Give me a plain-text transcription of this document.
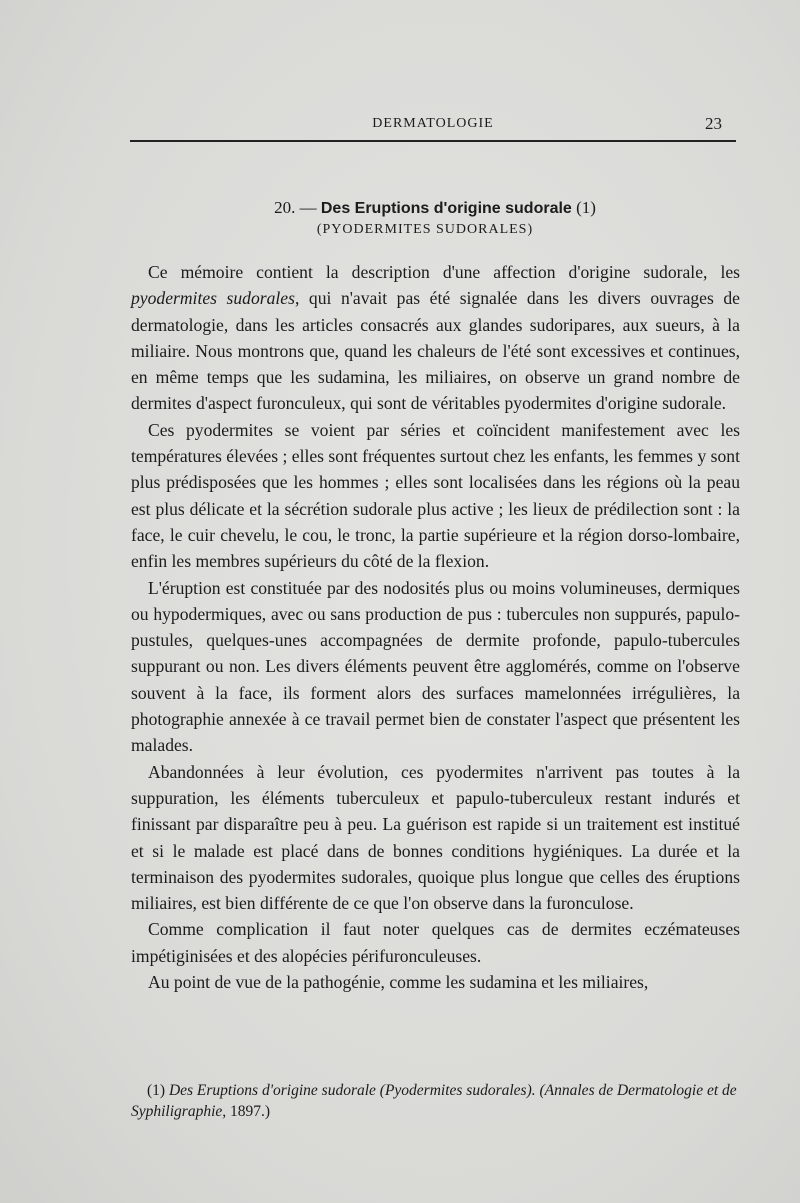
DERMATOLOGIE	23
20. — Des Eruptions d'origine sudorale (1)
(PYODERMITES SUDORALES)

Ce mémoire contient la description d'une affection d'origine sudorale, les pyodermites sudorales, qui n'avait pas été signalée dans les divers ouvrages de dermatologie, dans les articles consacrés aux glandes sudoripares, aux sueurs, à la miliaire. Nous montrons que, quand les chaleurs de l'été sont excessives et continues, en même temps que les sudamina, les miliaires, on observe un grand nombre de dermites d'aspect furonculeux, qui sont de véritables pyodermites d'origine sudorale.

Ces pyodermites se voient par séries et coïncident manifestement avec les températures élevées ; elles sont fréquentes surtout chez les enfants, les femmes y sont plus prédisposées que les hommes ; elles sont localisées dans les régions où la peau est plus délicate et la sécrétion sudorale plus active ; les lieux de prédilection sont : la face, le cuir chevelu, le cou, le tronc, la partie supérieure et la région dorso-lombaire, enfin les membres supérieurs du côté de la flexion.

L'éruption est constituée par des nodosités plus ou moins volumineuses, dermiques ou hypodermiques, avec ou sans production de pus : tubercules non suppurés, papulo-pustules, quelques-unes accompagnées de dermite profonde, papulo-tubercules suppurant ou non. Les divers éléments peuvent être agglomérés, comme on l'observe souvent à la face, ils forment alors des surfaces mamelonnées irrégulières, la photographie annexée à ce travail permet bien de constater l'aspect que présentent les malades.

Abandonnées à leur évolution, ces pyodermites n'arrivent pas toutes à la suppuration, les éléments tuberculeux et papulo-tuberculeux restant indurés et finissant par disparaître peu à peu. La guérison est rapide si un traitement est institué et si le malade est placé dans de bonnes conditions hygiéniques. La durée et la terminaison des pyodermites sudorales, quoique plus longue que celles des éruptions miliaires, est bien différente de ce que l'on observe dans la furonculose.

Comme complication il faut noter quelques cas de dermites eczémateuses impétiginisées et des alopécies périfuronculeuses.

Au point de vue de la pathogénie, comme les sudamina et les miliaires,

(1) Des Eruptions d'origine sudorale (Pyodermites sudorales). (Annales de Dermatologie et de Syphiligraphie, 1897.)
